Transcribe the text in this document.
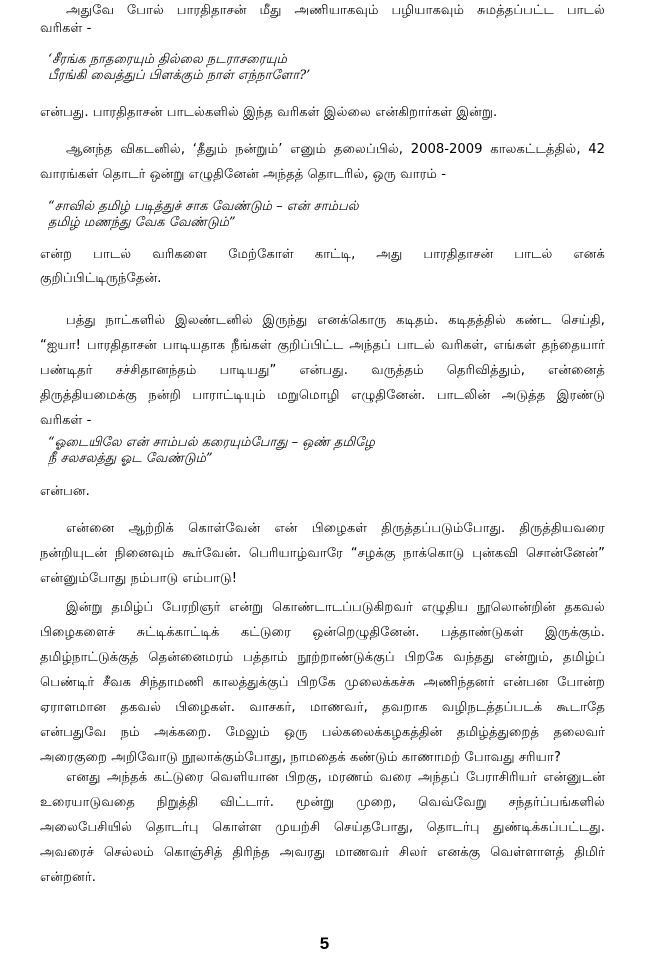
அதுவே போல் பாரதிதாசன் மீது அணியாகவும் பழியாகவும் சுமத்தப்பட்ட பாடல்
வரிகள் -
‘சீரங்க நாதரையும் தில்லை நடராசரையும்
பீரங்கி வைத்துப் பிளக்கும் நாள் எந்நாளோ?’
என்பது. பாரதிதாசன் பாடல்களில் இந்த வரிகள் இல்லை என்கிறார்கள் இன்று.
ஆனந்த விகடனில், ‘தீதும் நன்றும்’ எனும் தலைப்பில், 2008-2009 காலகட்டத்தில், 42
வாரங்கள் தொடர் ஒன்று எழுதினேன் அந்தத் தொடரில், ஒரு வாரம் -
“சாவில் தமிழ் படித்துச் சாக வேண்டும் – என் சாம்பல்
தமிழ் மணந்து வேக வேண்டும்”
என்ற பாடல் வரிகளை மேற்கோள் காட்டி, அது பாரதிதாசன் பாடல் எனக்
குறிப்பிட்டிருந்தேன்.
பத்து நாட்களில் இலண்டனில் இருந்து எனக்கொரு கடிதம். கடிதத்தில் கண்ட செய்தி,
“ஐயா! பாரதிதாசன் பாடியதாக நீங்கள் குறிப்பிட்ட அந்தப் பாடல் வரிகள், எங்கள் தந்தையார்
பண்டிதர் சச்சிதானந்தம் பாடியது” என்பது. வருத்தம் தெரிவித்தும், என்னைத்
திருத்தியமைக்கு நன்றி பாராட்டியும் மறுமொழி எழுதினேன். பாடலின் அடுத்த இரண்டு
வரிகள் -
“ஓடையிலே என் சாம்பல் கரையும்போது – ஒண் தமிழே
நீ சலசலத்து ஓட வேண்டும்”
என்பன.
என்னை ஆற்றிக் கொள்வேன் என் பிழைகள் திருத்தப்படும்போது. திருத்தியவரை
நன்றியுடன் நினைவும் கூர்வேன். பெரியாழ்வாரே “சழக்கு நாக்கொடு புன்கவி சொன்னேன்”
என்னும்போது நம்பாடு எம்பாடு!
இன்று தமிழ்ப் பேரறிஞர் என்று கொண்டாடப்படுகிறவர் எழுதிய நூலொன்றின் தகவல்
பிழைகளைச் சுட்டிக்காட்டிக் கட்டுரை ஒன்றெழுதினேன். பத்தாண்டுகள் இருக்கும்.
தமிழ்நாட்டுக்குத் தென்னைமரம் பத்தாம் நூற்றாண்டுக்குப் பிறகே வந்தது என்றும், தமிழ்ப்
பெண்டிர் சீவக சிந்தாமணி காலத்துக்குப் பிறகே முலைக்கச்சு அணிந்தனர் என்பன போன்ற
ஏராளமான தகவல் பிழைகள். வாசகர், மாணவர், தவறாக வழிநடத்தப்படக் கூடாதே
என்பதுவே நம் அக்கறை. மேலும் ஒரு பல்கலைக்கழகத்தின் தமிழ்த்துறைத் தலைவர்
அரைகுறை அறிவோடு நூலாக்கும்போது, நாமதைக் கண்டும் காணாமற் போவது சரியா?
எனது அந்தக் கட்டுரை வெளியான பிறகு, மரணம் வரை அந்தப் பேராசிரியர் என்னுடன்
உரையாடுவதை நிறுத்தி விட்டார். மூன்று முறை, வெவ்வேறு சந்தர்ப்பங்களில்
அலைபேசியில் தொடர்பு கொள்ள முயற்சி செய்தபோது, தொடர்பு துண்டிக்கப்பட்டது.
அவரைச் செல்லம் கொஞ்சித் திரிந்த அவரது மாணவர் சிலர் எனக்கு வெள்ளாளத் திமிர்
என்றனர்.
5
